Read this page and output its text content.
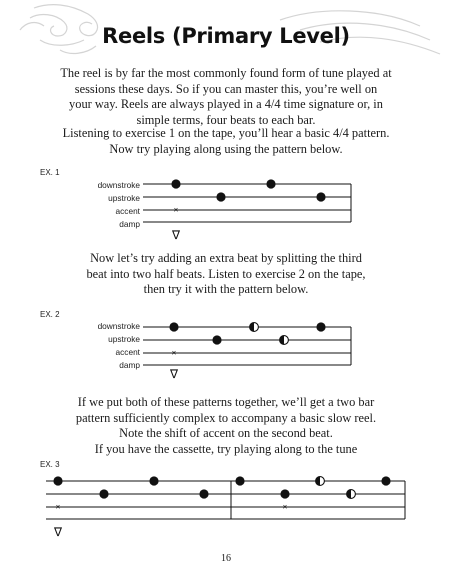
Reels (Primary Level)
The reel is by far the most commonly found form of tune played at
sessions these days. So if you can master this, you’re well on
your way. Reels are always played in a 4/4 time signature or, in
simple terms, four beats to each bar.
Listening to exercise 1 on the tape, you’ll hear a basic 4/4 pattern.
Now try playing along using the pattern below.
EX. 1
downstroke
upstroke
accent
damp
Now let’s try adding an extra beat by splitting the third
beat into two half beats. Listen to exercise 2 on the tape,
then try it with the pattern below.
EX. 2
downstroke
upstroke
accent
damp
If we put both of these patterns together, we’ll get a two bar
pattern sufficiently complex to accompany a basic slow reel.
Note the shift of accent on the second beat.
If you have the cassette, try playing along to the tune
EX. 3
×
∇
×
∇
×	×
∇
16
